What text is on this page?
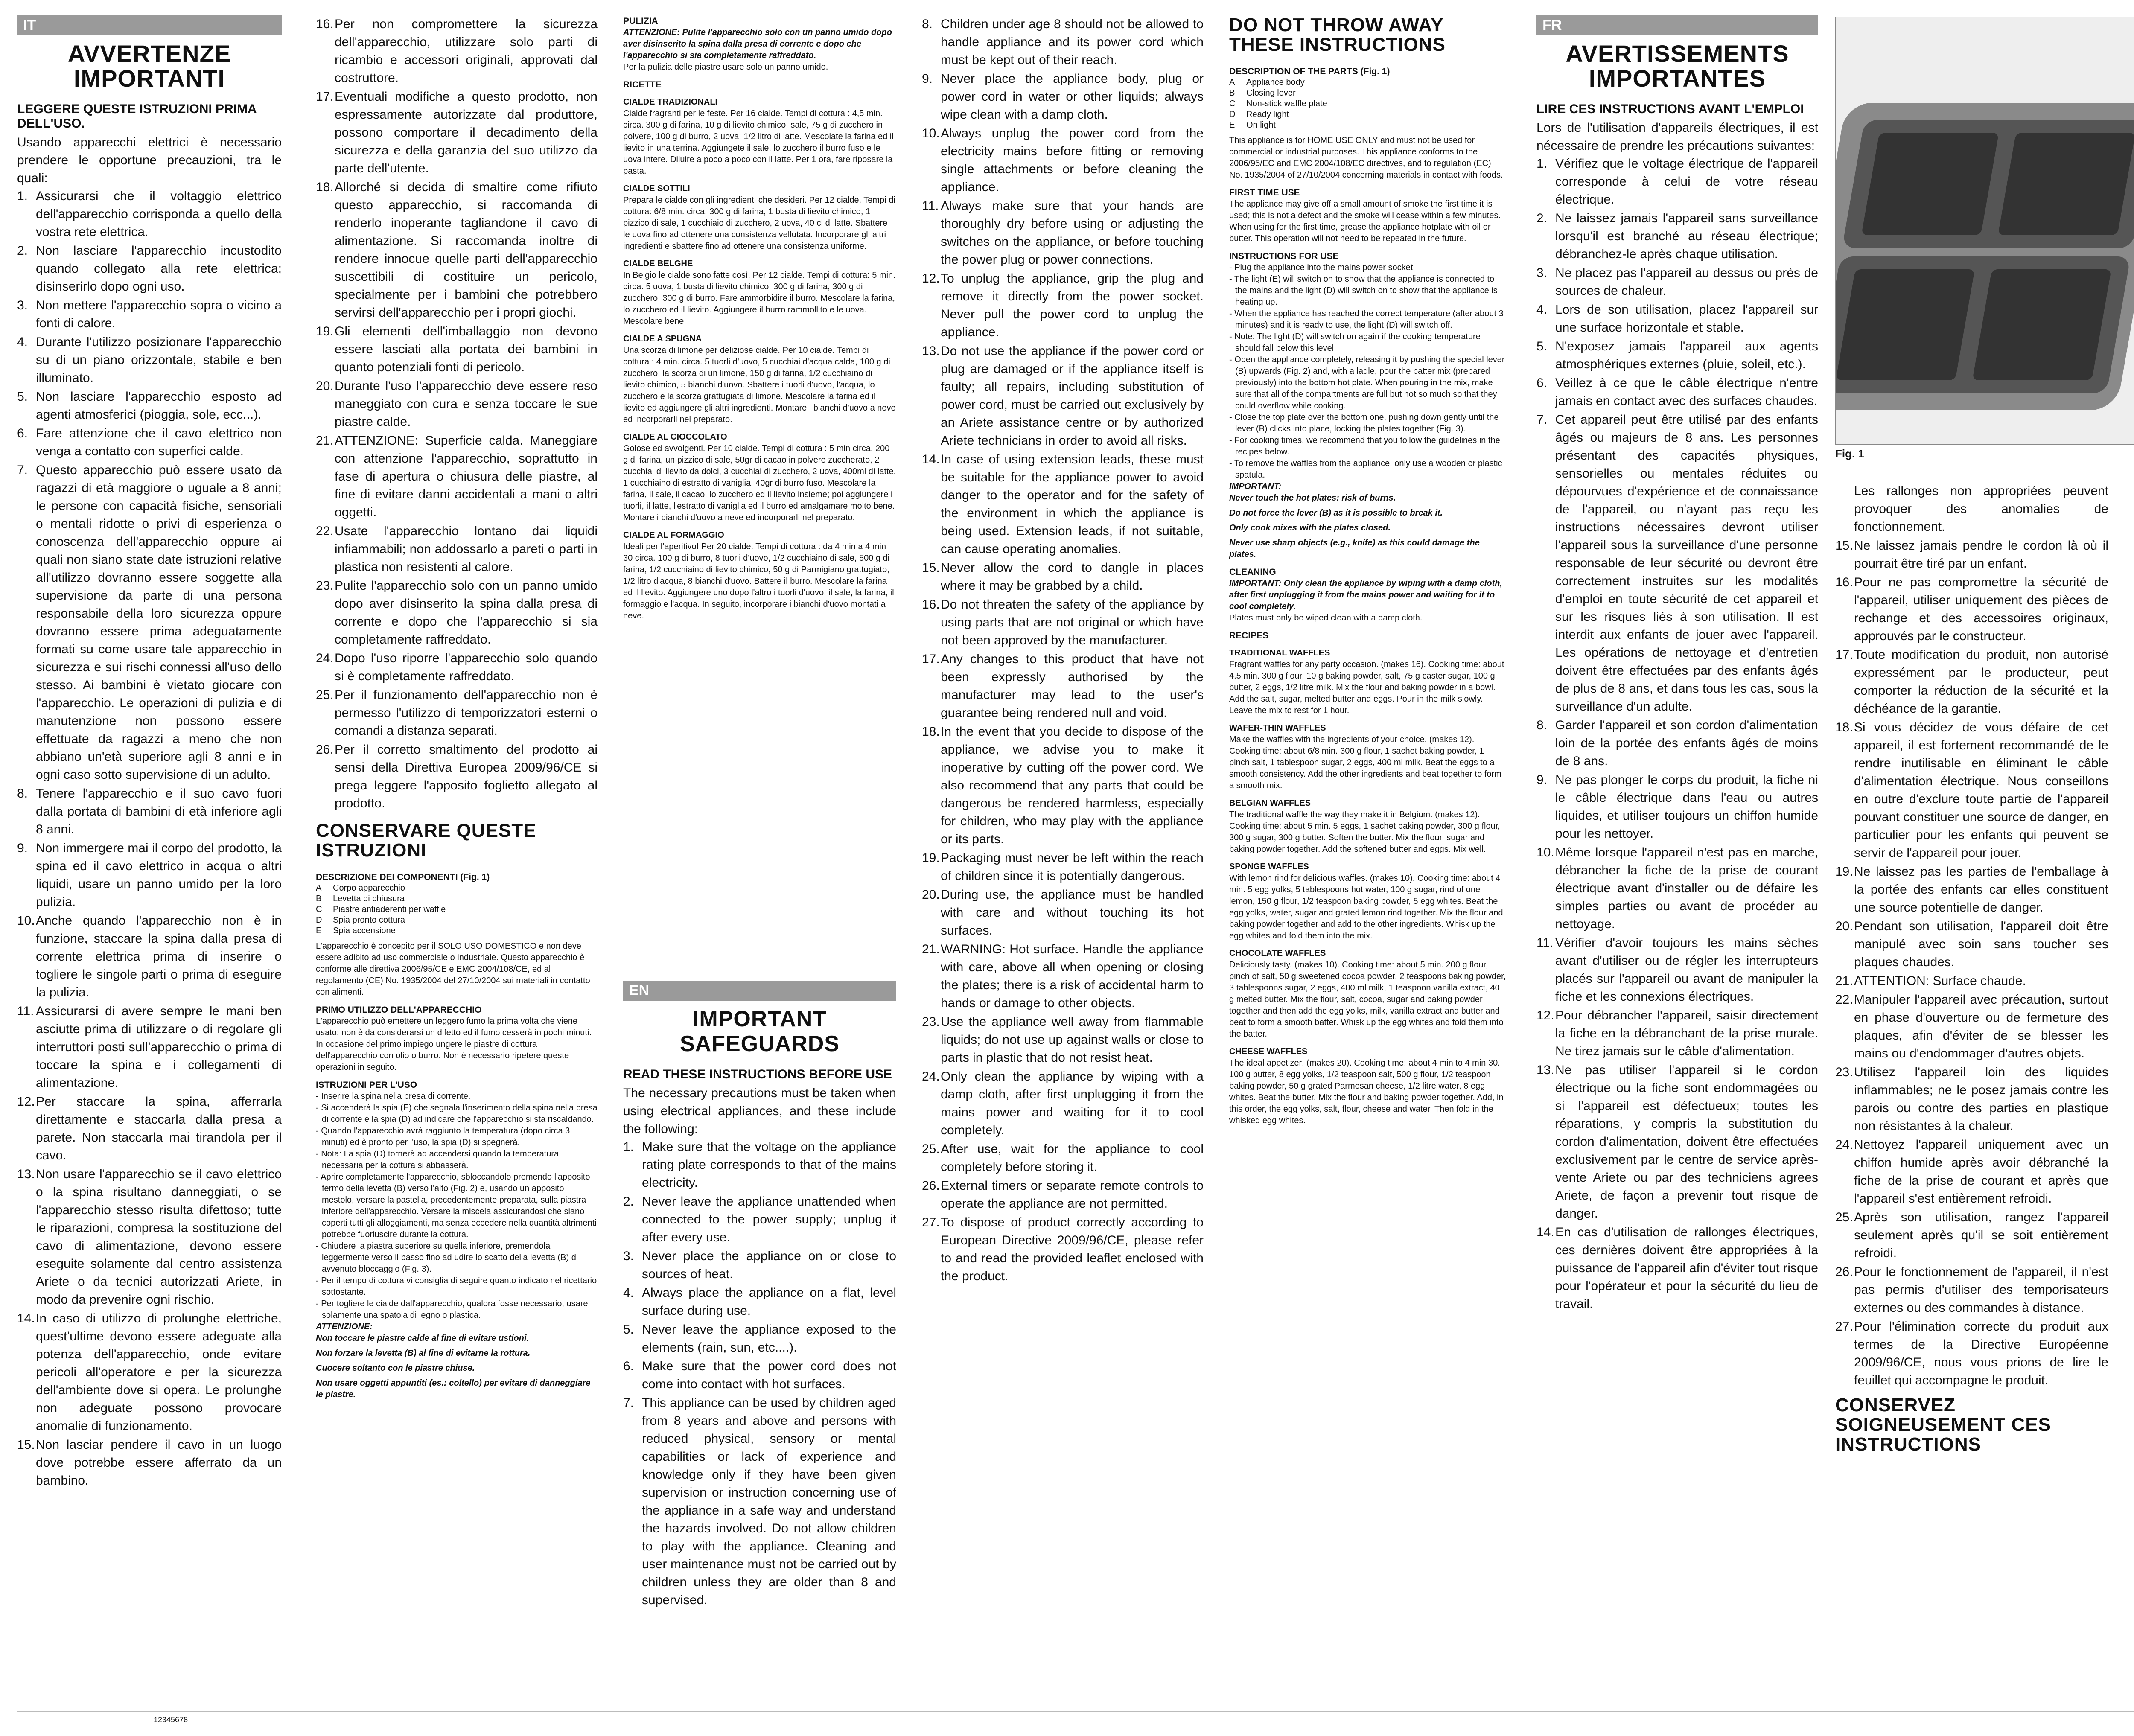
IT
AVVERTENZE IMPORTANTI
LEGGERE QUESTE ISTRUZIONI PRIMA DELL'USO.
Usando apparecchi elettrici è necessario prendere le opportune precauzioni, tra le quali:
1. Assicurarsi che il voltaggio elettrico dell'apparecchio corrisponda a quello della vostra rete elettrica.
2. Non lasciare l'apparecchio incustodito quando collegato alla rete elettrica; disinserirlo dopo ogni uso.
3. Non mettere l'apparecchio sopra o vicino a fonti di calore.
4. Durante l'utilizzo posizionare l'apparecchio su di un piano orizzontale, stabile e ben illuminato.
5. Non lasciare l'apparecchio esposto ad agenti atmosferici (pioggia, sole, ecc...).
6. Fare attenzione che il cavo elettrico non venga a contatto con superfici calde.
7. Questo apparecchio può essere usato da ragazzi di età maggiore o uguale a 8 anni; le persone con capacità fisiche, sensoriali o mentali ridotte o privi di esperienza o conoscenza dell'apparecchio oppure ai quali non siano state date istruzioni relative all'utilizzo dovranno essere soggette alla supervisione da parte di una persona responsabile della loro sicurezza oppure dovranno essere prima adeguatamente formati su come usare tale apparecchio in sicurezza e sui rischi connessi all'uso dello stesso. Ai bambini è vietato giocare con l'apparecchio. Le operazioni di pulizia e di manutenzione non possono essere effettuate da ragazzi a meno che non abbiano un'età superiore agli 8 anni e in ogni caso sotto supervisione di un adulto.
8. Tenere l'apparecchio e il suo cavo fuori dalla portata di bambini di età inferiore agli 8 anni.
9. Non immergere mai il corpo del prodotto, la spina ed il cavo elettrico in acqua o altri liquidi, usare un panno umido per la loro pulizia.
10. Anche quando l'apparecchio non è in funzione, staccare la spina dalla presa di corrente elettrica prima di inserire o togliere le singole parti o prima di eseguire la pulizia.
11. Assicurarsi di avere sempre le mani ben asciutte prima di utilizzare o di regolare gli interruttori posti sull'apparecchio o prima di toccare la spina e i collegamenti di alimentazione.
12. Per staccare la spina, afferrarla direttamente e staccarla dalla presa a parete. Non staccarla mai tirandola per il cavo.
13. Non usare l'apparecchio se il cavo elettrico o la spina risultano danneggiati, o se l'apparecchio stesso risulta difettoso; tutte le riparazioni, compresa la sostituzione del cavo di alimentazione, devono essere eseguite solamente dal centro assistenza Ariete o da tecnici autorizzati Ariete, in modo da prevenire ogni rischio.
14. In caso di utilizzo di prolunghe elettriche, quest'ultime devono essere adeguate alla potenza dell'apparecchio, onde evitare pericoli all'operatore e per la sicurezza dell'ambiente dove si opera. Le prolunghe non adeguate possono provocare anomalie di funzionamento.
15. Non lasciar pendere il cavo in un luogo dove potrebbe essere afferrato da un bambino.
16. Per non compromettere la sicurezza dell'apparecchio, utilizzare solo parti di ricambio e accessori originali, approvati dal costruttore.
17. Eventuali modifiche a questo prodotto, non espressamente autorizzate dal produttore, possono comportare il decadimento della sicurezza e della garanzia del suo utilizzo da parte dell'utente.
18. Allorché si decida di smaltire come rifiuto questo apparecchio, si raccomanda di renderlo inoperante tagliandone il cavo di alimentazione. Si raccomanda inoltre di rendere innocue quelle parti dell'apparecchio suscettibili di costituire un pericolo, specialmente per i bambini che potrebbero servirsi dell'apparecchio per i propri giochi.
19. Gli elementi dell'imballaggio non devono essere lasciati alla portata dei bambini in quanto potenziali fonti di pericolo.
20. Durante l'uso l'apparecchio deve essere reso maneggiato con cura e senza toccare le sue piastre calde.
21. ATTENZIONE: Superficie calda. Maneggiare con attenzione l'apparecchio, soprattutto in fase di apertura o chiusura delle piastre, al fine di evitare danni accidentali a mani o altri oggetti.
22. Usate l'apparecchio lontano dai liquidi infiammabili; non addossarlo a pareti o parti in plastica non resistenti al calore.
23. Pulite l'apparecchio solo con un panno umido dopo aver disinserito la spina dalla presa di corrente e dopo che l'apparecchio si sia completamente raffreddato.
24. Dopo l'uso riporre l'apparecchio solo quando si è completamente raffreddato.
25. Per il funzionamento dell'apparecchio non è permesso l'utilizzo di temporizzatori esterni o comandi a distanza separati.
26. Per il corretto smaltimento del prodotto ai sensi della Direttiva Europea 2009/96/CE si prega leggere l'apposito foglietto allegato al prodotto.
CONSERVARE QUESTE ISTRUZIONI
DESCRIZIONE DEI COMPONENTI (Fig. 1)
A	Corpo apparecchio
B	Levetta di chiusura
C	Piastre antiaderenti per waffle
D	Spia pronto cottura
E	Spia accensione
L'apparecchio è concepito per il SOLO USO DOMESTICO e non deve essere adibito ad uso commerciale o industriale. Questo apparecchio è conforme alle direttiva 2006/95/CE e EMC 2004/108/CE, ed al regolamento (CE) No. 1935/2004 del 27/10/2004 sui materiali in contatto con alimenti.
PRIMO UTILIZZO DELL'APPARECCHIO
L'apparecchio può emettere un leggero fumo la prima volta che viene usato: non è da considerarsi un difetto ed il fumo cesserà in pochi minuti. In occasione del primo impiego ungere le piastre di cottura dell'apparecchio con olio o burro. Non è necessario ripetere queste operazioni in seguito.
ISTRUZIONI PER L'USO
- Inserire la spina nella presa di corrente.
- Si accenderà la spia (E) che segnala l'inserimento della spina nella presa di corrente e la spia (D) ad indicare che l'apparecchio si sta riscaldando.
- Quando l'apparecchio avrà raggiunto la temperatura (dopo circa 3 minuti) ed è pronto per l'uso, la spia (D) si spegnerà.
- Nota: La spia (D) tornerà ad accendersi quando la temperatura necessaria per la cottura si abbasserà.
- Aprire completamente l'apparecchio, sbloccandolo premendo l'apposito fermo della levetta (B) verso l'alto (Fig. 2) e, usando un apposito mestolo, versare la pastella, precedentemente preparata, sulla piastra inferiore dell'apparecchio. Versare la miscela assicurandosi che siano coperti tutti gli alloggiamenti, ma senza eccedere nella quantità altrimenti potrebbe fuoriuscire durante la cottura.
- Chiudere la piastra superiore su quella inferiore, premendola leggermente verso il basso fino ad udire lo scatto della levetta (B) di avvenuto bloccaggio (Fig. 3).
- Per il tempo di cottura vi consiglia di seguire quanto indicato nel ricettario sottostante.
- Per togliere le cialde dall'apparecchio, qualora fosse necessario, usare solamente una spatola di legno o plastica.
ATTENZIONE:
Non toccare le piastre calde al fine di evitare ustioni.
Non forzare la levetta (B) al fine di evitarne la rottura.
Cuocere soltanto con le piastre chiuse.
Non usare oggetti appuntiti (es.: coltello) per evitare di danneggiare le piastre.
PULIZIA
ATTENZIONE: Pulite l'apparecchio solo con un panno umido dopo aver disinserito la spina dalla presa di corrente e dopo che l'apparecchio si sia completamente raffreddato.
Per la pulizia delle piastre usare solo un panno umido.
RICETTE
CIALDE TRADIZIONALI
Cialde fragranti per le feste. Per 16 cialde. Tempi di cottura : 4,5 min. circa. 300 g di farina, 10 g di lievito chimico, sale, 75 g di zucchero in polvere, 100 g di burro, 2 uova, 1/2 litro di latte. Mescolate la farina ed il lievito in una terrina. Aggiungete il sale, lo zucchero il burro fuso e le uova intere. Diluire a poco a poco con il latte. Per 1 ora, fare riposare la pasta.
CIALDE SOTTILI
Prepara le cialde con gli ingredienti che desideri. Per 12 cialde. Tempi di cottura: 6/8 min. circa. 300 g di farina, 1 busta di lievito chimico, 1 pizzico di sale, 1 cucchiaio di zucchero, 2 uova, 40 cl di latte. Sbattere le uova fino ad ottenere una consistenza vellutata. Incorporare gli altri ingredienti e sbattere fino ad ottenere una consistenza uniforme.
CIALDE BELGHE
In Belgio le cialde sono fatte così. Per 12 cialde. Tempi di cottura: 5 min. circa. 5 uova, 1 busta di lievito chimico, 300 g di farina, 300 g di zucchero, 300 g di burro. Fare ammorbidire il burro. Mescolare la farina, lo zucchero ed il lievito. Aggiungere il burro rammollito e le uova. Mescolare bene.
CIALDE A SPUGNA
Una scorza di limone per deliziose cialde. Per 10 cialde. Tempi di cottura : 4 min. circa. 5 tuorli d'uovo, 5 cucchiai d'acqua calda, 100 g di zucchero, la scorza di un limone, 150 g di farina, 1/2 cucchiaino di lievito chimico, 5 bianchi d'uovo. Sbattere i tuorli d'uovo, l'acqua, lo zucchero e la scorza grattugiata di limone. Mescolare la farina ed il lievito ed aggiungere gli altri ingredienti. Montare i bianchi d'uovo a neve ed incorporarli nel preparato.
CIALDE AL CIOCCOLATO
Golose ed avvolgenti. Per 10 cialde. Tempi di cottura : 5 min circa. 200 g di farina, un pizzico di sale, 50gr di cacao in polvere zuccherato, 2 cucchiai di lievito da dolci, 3 cucchiai di zucchero, 2 uova, 400ml di latte, 1 cucchiaino di estratto di vaniglia, 40gr di burro fuso. Mescolare la farina, il sale, il cacao, lo zucchero ed il lievito insieme; poi aggiungere i tuorli, il latte, l'estratto di vaniglia ed il burro ed amalgamare molto bene. Montare i bianchi d'uovo a neve ed incorporarli nel preparato.
CIALDE AL FORMAGGIO
Ideali per l'aperitivo! Per 20 cialde. Tempi di cottura : da 4 min a 4 min 30 circa. 100 g di burro, 8 tuorli d'uovo, 1/2 cucchiaino di sale, 500 g di farina, 1/2 cucchiaino di lievito chimico, 50 g di Parmigiano grattugiato, 1/2 litro d'acqua, 8 bianchi d'uovo. Battere il burro. Mescolare la farina ed il lievito. Aggiungere uno dopo l'altro i tuorli d'uovo, il sale, la farina, il formaggio e l'acqua. In seguito, incorporare i bianchi d'uovo montati a neve.
EN
IMPORTANT SAFEGUARDS
READ THESE INSTRUCTIONS BEFORE USE
The necessary precautions must be taken when using electrical appliances, and these include the following:
1. Make sure that the voltage on the appliance rating plate corresponds to that of the mains electricity.
2. Never leave the appliance unattended when connected to the power supply; unplug it after every use.
3. Never place the appliance on or close to sources of heat.
4. Always place the appliance on a flat, level surface during use.
5. Never leave the appliance exposed to the elements (rain, sun, etc....).
6. Make sure that the power cord does not come into contact with hot surfaces.
7. This appliance can be used by children aged from 8 years and above and persons with reduced physical, sensory or mental capabilities or lack of experience and knowledge only if they have been given supervision or instruction concerning use of the appliance in a safe way and understand the hazards involved. Do not allow children to play with the appliance. Cleaning and user maintenance must not be carried out by children unless they are older than 8 and supervised.
8. Children under age 8 should not be allowed to handle appliance and its power cord which must be kept out of their reach.
9. Never place the appliance body, plug or power cord in water or other liquids; always wipe clean with a damp cloth.
10. Always unplug the power cord from the electricity mains before fitting or removing single attachments or before cleaning the appliance.
11. Always make sure that your hands are thoroughly dry before using or adjusting the switches on the appliance, or before touching the power plug or power connections.
12. To unplug the appliance, grip the plug and remove it directly from the power socket. Never pull the power cord to unplug the appliance.
13. Do not use the appliance if the power cord or plug are damaged or if the appliance itself is faulty; all repairs, including substitution of power cord, must be carried out exclusively by an Ariete assistance centre or by authorized Ariete technicians in order to avoid all risks.
14. In case of using extension leads, these must be suitable for the appliance power to avoid danger to the operator and for the safety of the environment in which the appliance is being used. Extension leads, if not suitable, can cause operating anomalies.
15. Never allow the cord to dangle in places where it may be grabbed by a child.
16. Do not threaten the safety of the appliance by using parts that are not original or which have not been approved by the manufacturer.
17. Any changes to this product that have not been expressly authorised by the manufacturer may lead to the user's guarantee being rendered null and void.
18. In the event that you decide to dispose of the appliance, we advise you to make it inoperative by cutting off the power cord. We also recommend that any parts that could be dangerous be rendered harmless, especially for children, who may play with the appliance or its parts.
19. Packaging must never be left within the reach of children since it is potentially dangerous.
20. During use, the appliance must be handled with care and without touching its hot surfaces.
21. WARNING: Hot surface. Handle the appliance with care, above all when opening or closing the plates; there is a risk of accidental harm to hands or damage to other objects.
23. Use the appliance well away from flammable liquids; do not use up against walls or close to parts in plastic that do not resist heat.
24. Only clean the appliance by wiping with a damp cloth, after first unplugging it from the mains power and waiting for it to cool completely.
25. After use, wait for the appliance to cool completely before storing it.
26. External timers or separate remote controls to operate the appliance are not permitted.
27. To dispose of product correctly according to European Directive 2009/96/CE, please refer to and read the provided leaflet enclosed with the product.
DO NOT THROW AWAY THESE INSTRUCTIONS
DESCRIPTION OF THE PARTS (Fig. 1)
A	Appliance body
B	Closing lever
C	Non-stick waffle plate
D	Ready light
E	On light
This appliance is for HOME USE ONLY and must not be used for commercial or industrial purposes. This appliance conforms to the 2006/95/EC and EMC 2004/108/EC directives, and to regulation (EC) No. 1935/2004 of 27/10/2004 concerning materials in contact with foods.
FIRST TIME USE
The appliance may give off a small amount of smoke the first time it is used; this is not a defect and the smoke will cease within a few minutes. When using for the first time, grease the appliance hotplate with oil or butter. This operation will not need to be repeated in the future.
INSTRUCTIONS FOR USE
- Plug the appliance into the mains power socket.
- The light (E) will switch on to show that the appliance is connected to the mains and the light (D) will switch on to show that the appliance is heating up.
- When the appliance has reached the correct temperature (after about 3 minutes) and it is ready to use, the light (D) will switch off.
- Note: The light (D) will switch on again if the cooking temperature should fall below this level.
- Open the appliance completely, releasing it by pushing the special lever (B) upwards (Fig. 2) and, with a ladle, pour the batter mix (prepared previously) into the bottom hot plate. When pouring in the mix, make sure that all of the compartments are full but not so much so that they could overflow while cooking.
- Close the top plate over the bottom one, pushing down gently until the lever (B) clicks into place, locking the plates together (Fig. 3).
- For cooking times, we recommend that you follow the guidelines in the recipes below.
- To remove the waffles from the appliance, only use a wooden or plastic spatula.
IMPORTANT:
Never touch the hot plates: risk of burns.
Do not force the lever (B) as it is possible to break it.
Only cook mixes with the plates closed.
Never use sharp objects (e.g., knife) as this could damage the plates.
CLEANING
IMPORTANT: Only clean the appliance by wiping with a damp cloth, after first unplugging it from the mains power and waiting for it to cool completely.
Plates must only be wiped clean with a damp cloth.
RECIPES
TRADITIONAL WAFFLES
Fragrant waffles for any party occasion. (makes 16). Cooking time: about 4.5 min. 300 g flour, 10 g baking powder, salt, 75 g caster sugar, 100 g butter, 2 eggs, 1/2 litre milk. Mix the flour and baking powder in a bowl. Add the salt, sugar, melted butter and eggs. Pour in the milk slowly. Leave the mix to rest for 1 hour.
WAFER-THIN WAFFLES
Make the waffles with the ingredients of your choice. (makes 12). Cooking time: about 6/8 min. 300 g flour, 1 sachet baking powder, 1 pinch salt, 1 tablespoon sugar, 2 eggs, 400 ml milk. Beat the eggs to a smooth consistency. Add the other ingredients and beat together to form a smooth mix.
BELGIAN WAFFLES
The traditional waffle the way they make it in Belgium. (makes 12). Cooking time: about 5 min. 5 eggs, 1 sachet baking powder, 300 g flour, 300 g sugar, 300 g butter. Soften the butter. Mix the flour, sugar and baking powder together. Add the softened butter and eggs. Mix well.
SPONGE WAFFLES
With lemon rind for delicious waffles. (makes 10). Cooking time: about 4 min. 5 egg yolks, 5 tablespoons hot water, 100 g sugar, rind of one lemon, 150 g flour, 1/2 teaspoon baking powder, 5 egg whites. Beat the egg yolks, water, sugar and grated lemon rind together. Mix the flour and baking powder together and add to the other ingredients. Whisk up the egg whites and fold them into the mix.
CHOCOLATE WAFFLES
Deliciously tasty. (makes 10). Cooking time: about 5 min. 200 g flour, pinch of salt, 50 g sweetened cocoa powder, 2 teaspoons baking powder, 3 tablespoons sugar, 2 eggs, 400 ml milk, 1 teaspoon vanilla extract, 40 g melted butter. Mix the flour, salt, cocoa, sugar and baking powder together and then add the egg yolks, milk, vanilla extract and butter and beat to form a smooth batter. Whisk up the egg whites and fold them into the batter.
CHEESE WAFFLES
The ideal appetizer! (makes 20). Cooking time: about 4 min to 4 min 30. 100 g butter, 8 egg yolks, 1/2 teaspoon salt, 500 g flour, 1/2 teaspoon baking powder, 50 g grated Parmesan cheese, 1/2 litre water, 8 egg whites. Beat the butter. Mix the flour and baking powder together. Add, in this order, the egg yolks, salt, flour, cheese and water. Then fold in the whisked egg whites.
FR
AVERTISSEMENTS IMPORTANTES
LIRE CES INSTRUCTIONS AVANT L'EMPLOI
Lors de l'utilisation d'appareils électriques, il est nécessaire de prendre les précautions suivantes:
1. Vérifiez que le voltage électrique de l'appareil corresponde à celui de votre réseau électrique.
2. Ne laissez jamais l'appareil sans surveillance lorsqu'il est branché au réseau électrique; débranchez-le après chaque utilisation.
3. Ne placez pas l'appareil au dessus ou près de sources de chaleur.
4. Lors de son utilisation, placez l'appareil sur une surface horizontale et stable.
5. N'exposez jamais l'appareil aux agents atmosphériques externes (pluie, soleil, etc.).
6. Veillez à ce que le câble électrique n'entre jamais en contact avec des surfaces chaudes.
7. Cet appareil peut être utilisé par des enfants âgés ou majeurs de 8 ans. Les personnes présentant des capacités physiques, sensorielles ou mentales réduites ou dépourvues d'expérience et de connaissance de l'appareil, ou n'ayant pas reçu les instructions nécessaires devront utiliser l'appareil sous la surveillance d'une personne responsable de leur sécurité ou devront être correctement instruites sur les modalités d'emploi en toute sécurité de cet appareil et sur les risques liés à son utilisation. Il est interdit aux enfants de jouer avec l'appareil. Les opérations de nettoyage et d'entretien doivent être effectuées par des enfants âgés de plus de 8 ans, et dans tous les cas, sous la surveillance d'un adulte.
8. Garder l'appareil et son cordon d'alimentation loin de la portée des enfants âgés de moins de 8 ans.
9. Ne pas plonger le corps du produit, la fiche ni le câble électrique dans l'eau ou autres liquides, et utiliser toujours un chiffon humide pour les nettoyer.
10. Même lorsque l'appareil n'est pas en marche, débrancher la fiche de la prise de courant électrique avant d'installer ou de défaire les simples parties ou avant de procéder au nettoyage.
11. Vérifier d'avoir toujours les mains sèches avant d'utiliser ou de régler les interrupteurs placés sur l'appareil ou avant de manipuler la fiche et les connexions électriques.
12. Pour débrancher l'appareil, saisir directement la fiche en la débranchant de la prise murale. Ne tirez jamais sur le câble d'alimentation.
13. Ne pas utiliser l'appareil si le cordon électrique ou la fiche sont endommagées ou si l'appareil est défectueux; toutes les réparations, y compris la substitution du cordon d'alimentation, doivent être effectuées exclusivement par le centre de service après-vente Ariete ou par des techniciens agrees Ariete, de façon a prevenir tout risque de danger.
14. En cas d'utilisation de rallonges électriques, ces dernières doivent être appropriées à la puissance de l'appareil afin d'éviter tout risque pour l'opérateur et pour la sécurité du lieu de travail.
Les rallonges non appropriées peuvent provoquer des anomalies de fonctionnement.
15. Ne laissez jamais pendre le cordon là où il pourrait être tiré par un enfant.
16. Pour ne pas compromettre la sécurité de l'appareil, utiliser uniquement des pièces de rechange et des accessoires originaux, approuvés par le constructeur.
17. Toute modification du produit, non autorisé expressément par le producteur, peut comporter la réduction de la sécurité et la déchéance de la garantie.
18. Si vous décidez de vous défaire de cet appareil, il est fortement recommandé de le rendre inutilisable en éliminant le câble d'alimentation électrique. Nous conseillons en outre d'exclure toute partie de l'appareil pouvant constituer une source de danger, en particulier pour les enfants qui peuvent se servir de l'appareil pour jouer.
19. Ne laissez pas les parties de l'emballage à la portée des enfants car elles constituent une source potentielle de danger.
20. Pendant son utilisation, l'appareil doit être manipulé avec soin sans toucher ses plaques chaudes.
21. ATTENTION: Surface chaude.
22. Manipuler l'appareil avec précaution, surtout en phase d'ouverture ou de fermeture des plaques, afin d'éviter de se blesser les mains ou d'endommager d'autres objets.
23. Utilisez l'appareil loin des liquides inflammables; ne le posez jamais contre les parois ou contre des parties en plastique non résistantes à la chaleur.
24. Nettoyez l'appareil uniquement avec un chiffon humide après avoir débranché la fiche de la prise de courant et après que l'appareil s'est entièrement refroidi.
25. Après son utilisation, rangez l'appareil seulement après qu'il se soit entièrement refroidi.
26. Pour le fonctionnement de l'appareil, il n'est pas permis d'utiliser des temporisateurs externes ou des commandes à distance.
27. Pour l'élimination correcte du produit aux termes de la Directive Européenne 2009/96/CE, nous vous prions de lire le feuillet qui accompagne le produit.
CONSERVEZ SOIGNEUSEMENT CES INSTRUCTIONS
Fig. 1
12345678
